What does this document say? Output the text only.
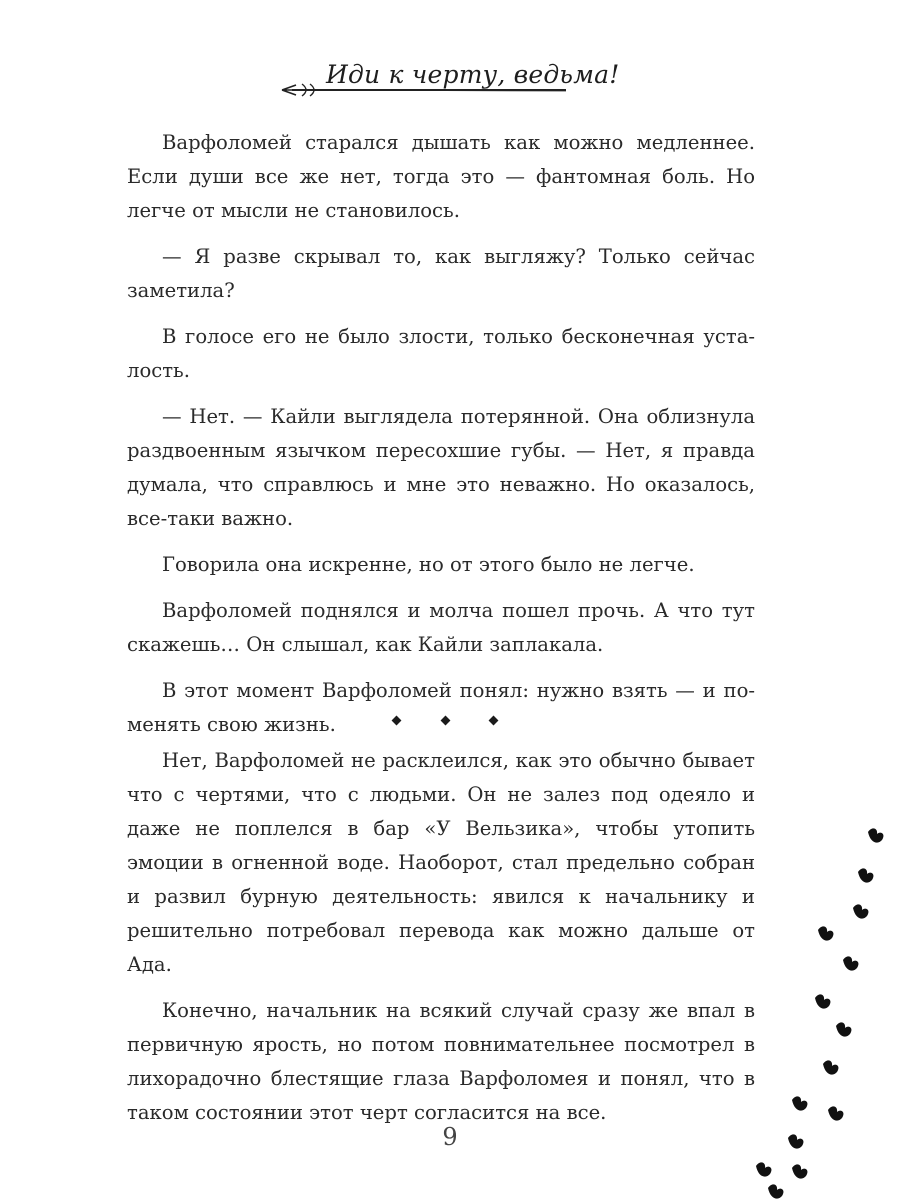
Иди к черту, ведьма!

Варфоломей старался дышать как можно медленнее. Если души все же нет, тогда это — фантомная боль. Но легче от мысли не становилось.

— Я разве скрывал то, как выгляжу? Только сейчас заметила?

В голосе его не было злости, только бесконечная усталость.

— Нет. — Кайли выглядела потерянной. Она облизнула раздвоенным язычком пересохшие губы. — Нет, я правда думала, что справлюсь и мне это неважно. Но оказалось, все-таки важно.

Говорила она искренне, но от этого было не легче.

Варфоломей поднялся и молча пошел прочь. А что тут скажешь… Он слышал, как Кайли заплакала.

В этот момент Варфоломей понял: нужно взять — и поменять свою жизнь.

Нет, Варфоломей не расклеился, как это обычно бывает что с чертями, что с людьми. Он не залез под одеяло и даже не поплелся в бар «У Вельзика», чтобы утопить эмоции в огненной воде. Наоборот, стал предельно собран и развил бурную деятельность: явился к начальнику и решительно потребовал перевода как можно дальше от Ада.

Конечно, начальник на всякий случай сразу же впал в первичную ярость, но потом повнимательнее посмотрел в лихорадочно блестящие глаза Варфоломея и понял, что в таком состоянии этот черт согласится на все.

9
